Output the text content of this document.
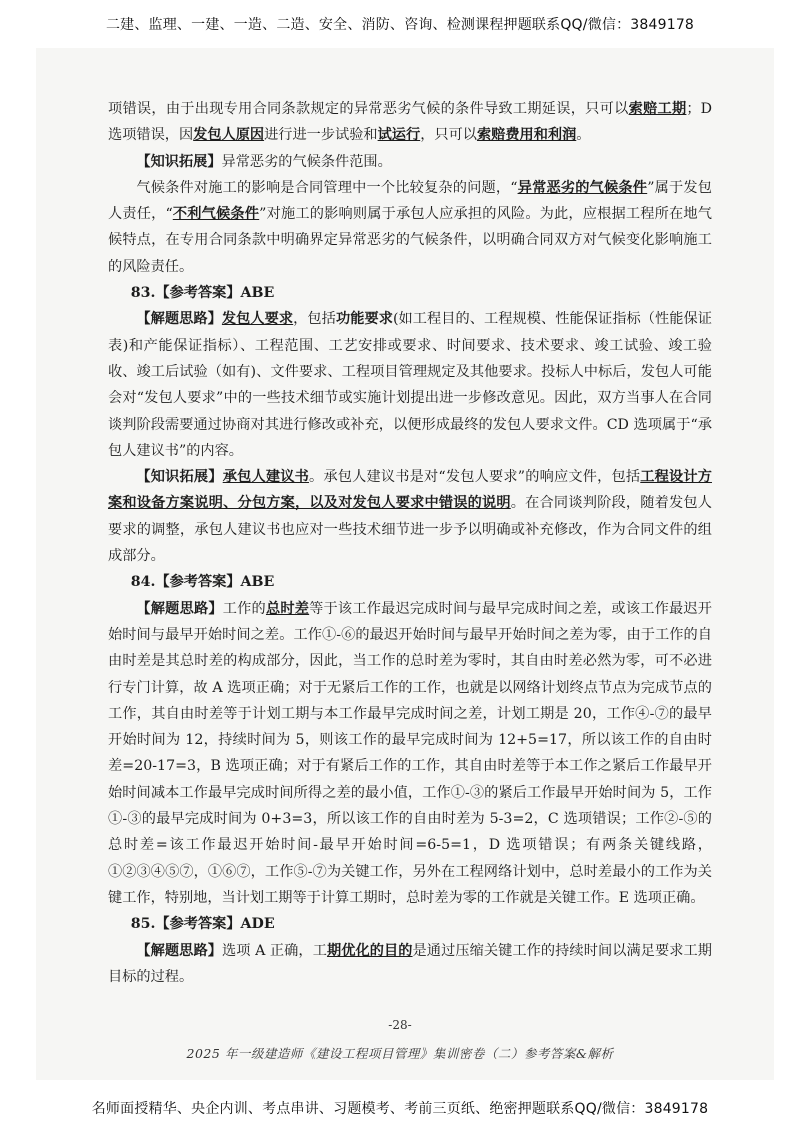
二建、监理、一建、一造、二造、安全、消防、咨询、检测课程押题联系QQ/微信：3849178

项错误，由于出现专用合同条款规定的异常恶劣气候的条件导致工期延误，只可以索赔工期；D 选项错误，因发包人原因进行进一步试验和试运行，只可以索赔费用和利润。

【知识拓展】异常恶劣的气候条件范围。

气候条件对施工的影响是合同管理中一个比较复杂的问题，“异常恶劣的气候条件”属于发包人责任，“不利气候条件”对施工的影响则属于承包人应承担的风险。为此，应根据工程所在地气候特点，在专用合同条款中明确界定异常恶劣的气候条件，以明确合同双方对气候变化影响施工的风险责任。

83.【参考答案】ABE

【解题思路】发包人要求，包括功能要求(如工程目的、工程规模、性能保证指标（性能保证表)和产能保证指标）、工程范围、工艺安排或要求、时间要求、技术要求、竣工试验、竣工验收、竣工后试验（如有)、文件要求、工程项目管理规定及其他要求。投标人中标后，发包人可能会对“发包人要求”中的一些技术细节或实施计划提出进一步修改意见。因此，双方当事人在合同谈判阶段需要通过协商对其进行修改或补充，以便形成最终的发包人要求文件。CD 选项属于“承包人建议书”的内容。

【知识拓展】承包人建议书。承包人建议书是对“发包人要求”的响应文件，包括工程设计方案和设备方案说明、分包方案，以及对发包人要求中错误的说明。在合同谈判阶段，随着发包人要求的调整，承包人建议书也应对一些技术细节进一步予以明确或补充修改，作为合同文件的组成部分。

84.【参考答案】ABE

【解题思路】工作的总时差等于该工作最迟完成时间与最早完成时间之差，或该工作最迟开始时间与最早开始时间之差。工作①-⑥的最迟开始时间与最早开始时间之差为零，由于工作的自由时差是其总时差的构成部分，因此，当工作的总时差为零时，其自由时差必然为零，可不必进行专门计算，故 A 选项正确；对于无紧后工作的工作，也就是以网络计划终点节点为完成节点的工作，其自由时差等于计划工期与本工作最早完成时间之差，计划工期是 20，工作④-⑦的最早开始时间为 12，持续时间为 5，则该工作的最早完成时间为 12+5=17，所以该工作的自由时差=20-17=3，B 选项正确；对于有紧后工作的工作，其自由时差等于本工作之紧后工作最早开始时间减本工作最早完成时间所得之差的最小值，工作①-③的紧后工作最早开始时间为 5，工作①-③的最早完成时间为 0+3=3，所以该工作的自由时差为 5-3=2，C 选项错误；工作②-⑤的总时差=该工作最迟开始时间-最早开始时间=6-5=1，D 选项错误；有两条关键线路，①②③④⑤⑦，①⑥⑦，工作⑤-⑦为关键工作，另外在工程网络计划中，总时差最小的工作为关键工作，特别地，当计划工期等于计算工期时，总时差为零的工作就是关键工作。E 选项正确。

85.【参考答案】ADE

【解题思路】选项 A 正确，工期优化的目的是通过压缩关键工作的持续时间以满足要求工期目标的过程。

-28-
2025 年一级建造师《建设工程项目管理》集训密卷（二）参考答案&解析
名师面授精华、央企内训、考点串讲、习题模考、考前三页纸、绝密押题联系QQ/微信：3849178
